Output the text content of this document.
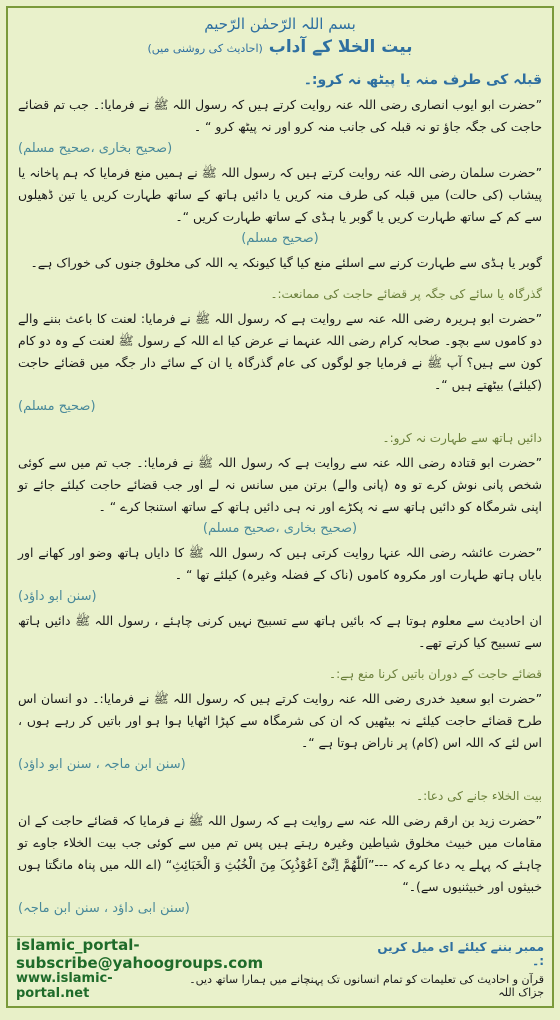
بسم اللہ الرّحمٰن الرّحیم
بیت الخلا کے آداب (احادیث کی روشنی میں)
قبلہ کی طرف منہ یا پیٹھ نہ کرو:۔

”حضرت ابو ایوب انصاری رضی اللہ عنہ روایت کرتے ہیں کہ رسول اللہ ﷺ نے فرمایا:۔ جب تم قضائے حاجت کی جگہ جاؤ تو نہ قبلہ کی جانب منہ کرو اور نہ پیٹھ کرو “ ۔

(صحیح بخاری ،صحیح مسلم)

”حضرت سلمان رضی اللہ عنہ روایت کرتے ہیں کہ رسول اللہ ﷺ نے ہمیں منع فرمایا کہ ہم پاخانہ یا پیشاب (کی حالت) میں قبلہ کی طرف منہ کریں یا دائیں ہاتھ کے ساتھ طہارت کریں یا تین ڈھیلوں سے کم کے ساتھ طہارت کریں یا گوبر یا ہڈی کے ساتھ طہارت کریں “۔

(صحیح مسلم)

گوبر یا ہڈی سے طہارت کرنے سے اسلئے منع کیا گیا کیونکہ یہ اللہ کی مخلوق جنوں کی خوراک ہے۔

گذرگاہ یا سائے کی جگہ پر قضائے حاجت کی ممانعت:۔

”حضرت ابو ہریرہ رضی اللہ عنہ سے روایت ہے کہ رسول اللہ ﷺ نے فرمایا: لعنت کا باعث بننے والے دو کاموں سے بچو۔ صحابہ کرام رضی اللہ عنہما نے عرض کیا اے اللہ کے رسول ﷺ لعنت کے وہ دو کام کون سے ہیں؟ آپ ﷺ نے فرمایا جو لوگوں کی عام گذرگاہ یا ان کے سائے دار جگہ میں قضائے حاجت (کیلئے) بیٹھتے ہیں “۔

(صحیح مسلم)

دائیں ہاتھ سے طہارت نہ کرو:۔

”حضرت ابو قتادہ رضی اللہ عنہ سے روایت ہے کہ رسول اللہ ﷺ نے فرمایا:۔ جب تم میں سے کوئی شخص پانی نوش کرے تو وہ (پانی والے) برتن میں سانس نہ لے اور جب قضائے حاجت کیلئے جائے تو اپنی شرمگاہ کو دائیں ہاتھ سے نہ پکڑے اور نہ ہی دائیں ہاتھ کے ساتھ استنجا کرے “ ۔

(صحیح بخاری ،صحیح مسلم)

”حضرت عائشہ رضی اللہ عنہا روایت کرتی ہیں کہ رسول اللہ ﷺ کا دایاں ہاتھ وضو اور کھانے اور بایاں ہاتھ طہارت اور مکروہ کاموں (ناک کے فضلہ وغیرہ) کیلئے تھا “ ۔

(سنن ابو داؤد)

ان احادیث سے معلوم ہوتا ہے کہ بائیں ہاتھ سے تسبیح نہیں کرنی چاہئے ، رسول اللہ ﷺ دائیں ہاتھ سے تسبیح کیا کرتے تھے۔

قضائے حاجت کے دوران باتیں کرنا منع ہے:۔

”حضرت ابو سعید خدری رضی اللہ عنہ روایت کرتے ہیں کہ رسول اللہ ﷺ نے فرمایا:۔ دو انسان اس طرح قضائے حاجت کیلئے نہ بیٹھیں کہ ان کی شرمگاہ سے کپڑا اٹھایا ہوا ہو اور باتیں کر رہے ہوں ، اس لئے کہ اللہ اس (کام) پر ناراض ہوتا ہے “۔

(سنن ابن ماجہ ، سنن ابو داؤد)

بیت الخلاء جانے کی دعا:۔

”حضرت زید بن ارقم رضی اللہ عنہ سے روایت ہے کہ رسول اللہ ﷺ نے فرمایا کہ قضائے حاجت کے ان مقامات میں خبیث مخلوق شیاطین وغیرہ رہتے ہیں پس تم میں سے کوئی جب بیت الخلاء جاوے تو چاہئے کہ پہلے یہ دعا کرے کہ ---”اَللّٰھُمَّ اِنِّیْ اَعُوْذُبِکَ مِنَ الْخُبُثِ وَ الْخَبَائِثِ“ (اے اللہ میں پناہ مانگتا ہوں خبیثوں اور خبیثنیوں سے)۔“

(سنن ابی داؤد ، سنن ابن ماجہ)

islamic_portal-subscribe@yahoogroups.com
ممبر بننے کیلئے ای میل کریں :۔
www.islamic-portal.net
قرآن و احادیث کی تعلیمات کو تمام انسانوں تک پہنچانے میں ہمارا ساتھ دیں۔ جزاک اللہ
